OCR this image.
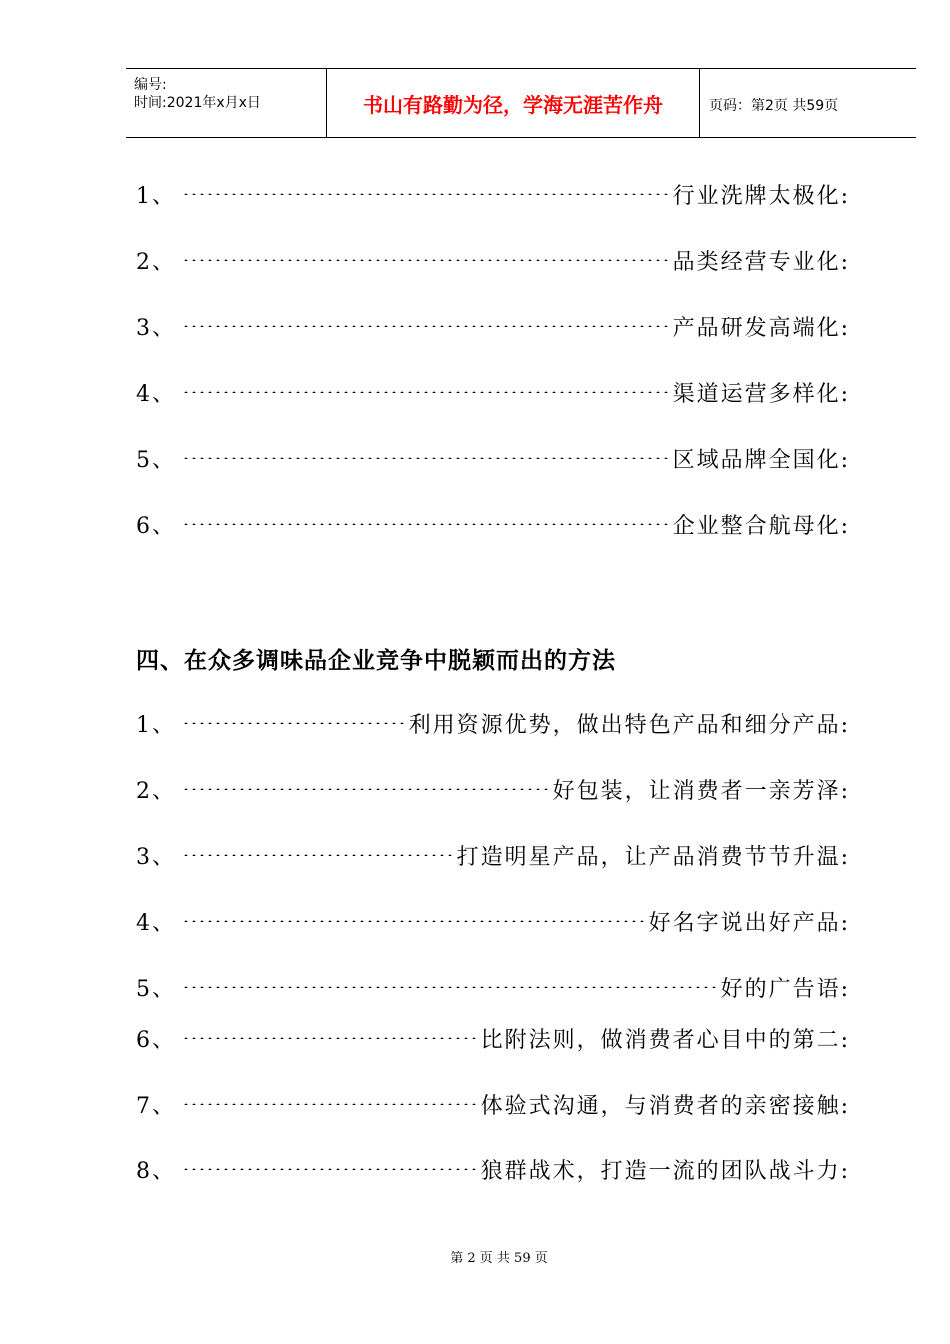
编号:
时间:2021年x月x日	书山有路勤为径，学海无涯苦作舟	页码：第2页 共59页
1、	行业洗牌太极化:
2、	品类经营专业化:
3、	产品研发高端化:
4、	渠道运营多样化:
5、	区域品牌全国化:
6、	企业整合航母化:
四、在众多调味品企业竞争中脱颖而出的方法
1、	利用资源优势，做出特色产品和细分产品:
2、	好包装，让消费者一亲芳泽:
3、	打造明星产品，让产品消费节节升温:
4、	好名字说出好产品:
5、	好的广告语:
6、	比附法则，做消费者心目中的第二:
7、	体验式沟通，与消费者的亲密接触:
8、	狼群战术，打造一流的团队战斗力:
第 2 页 共 59 页
